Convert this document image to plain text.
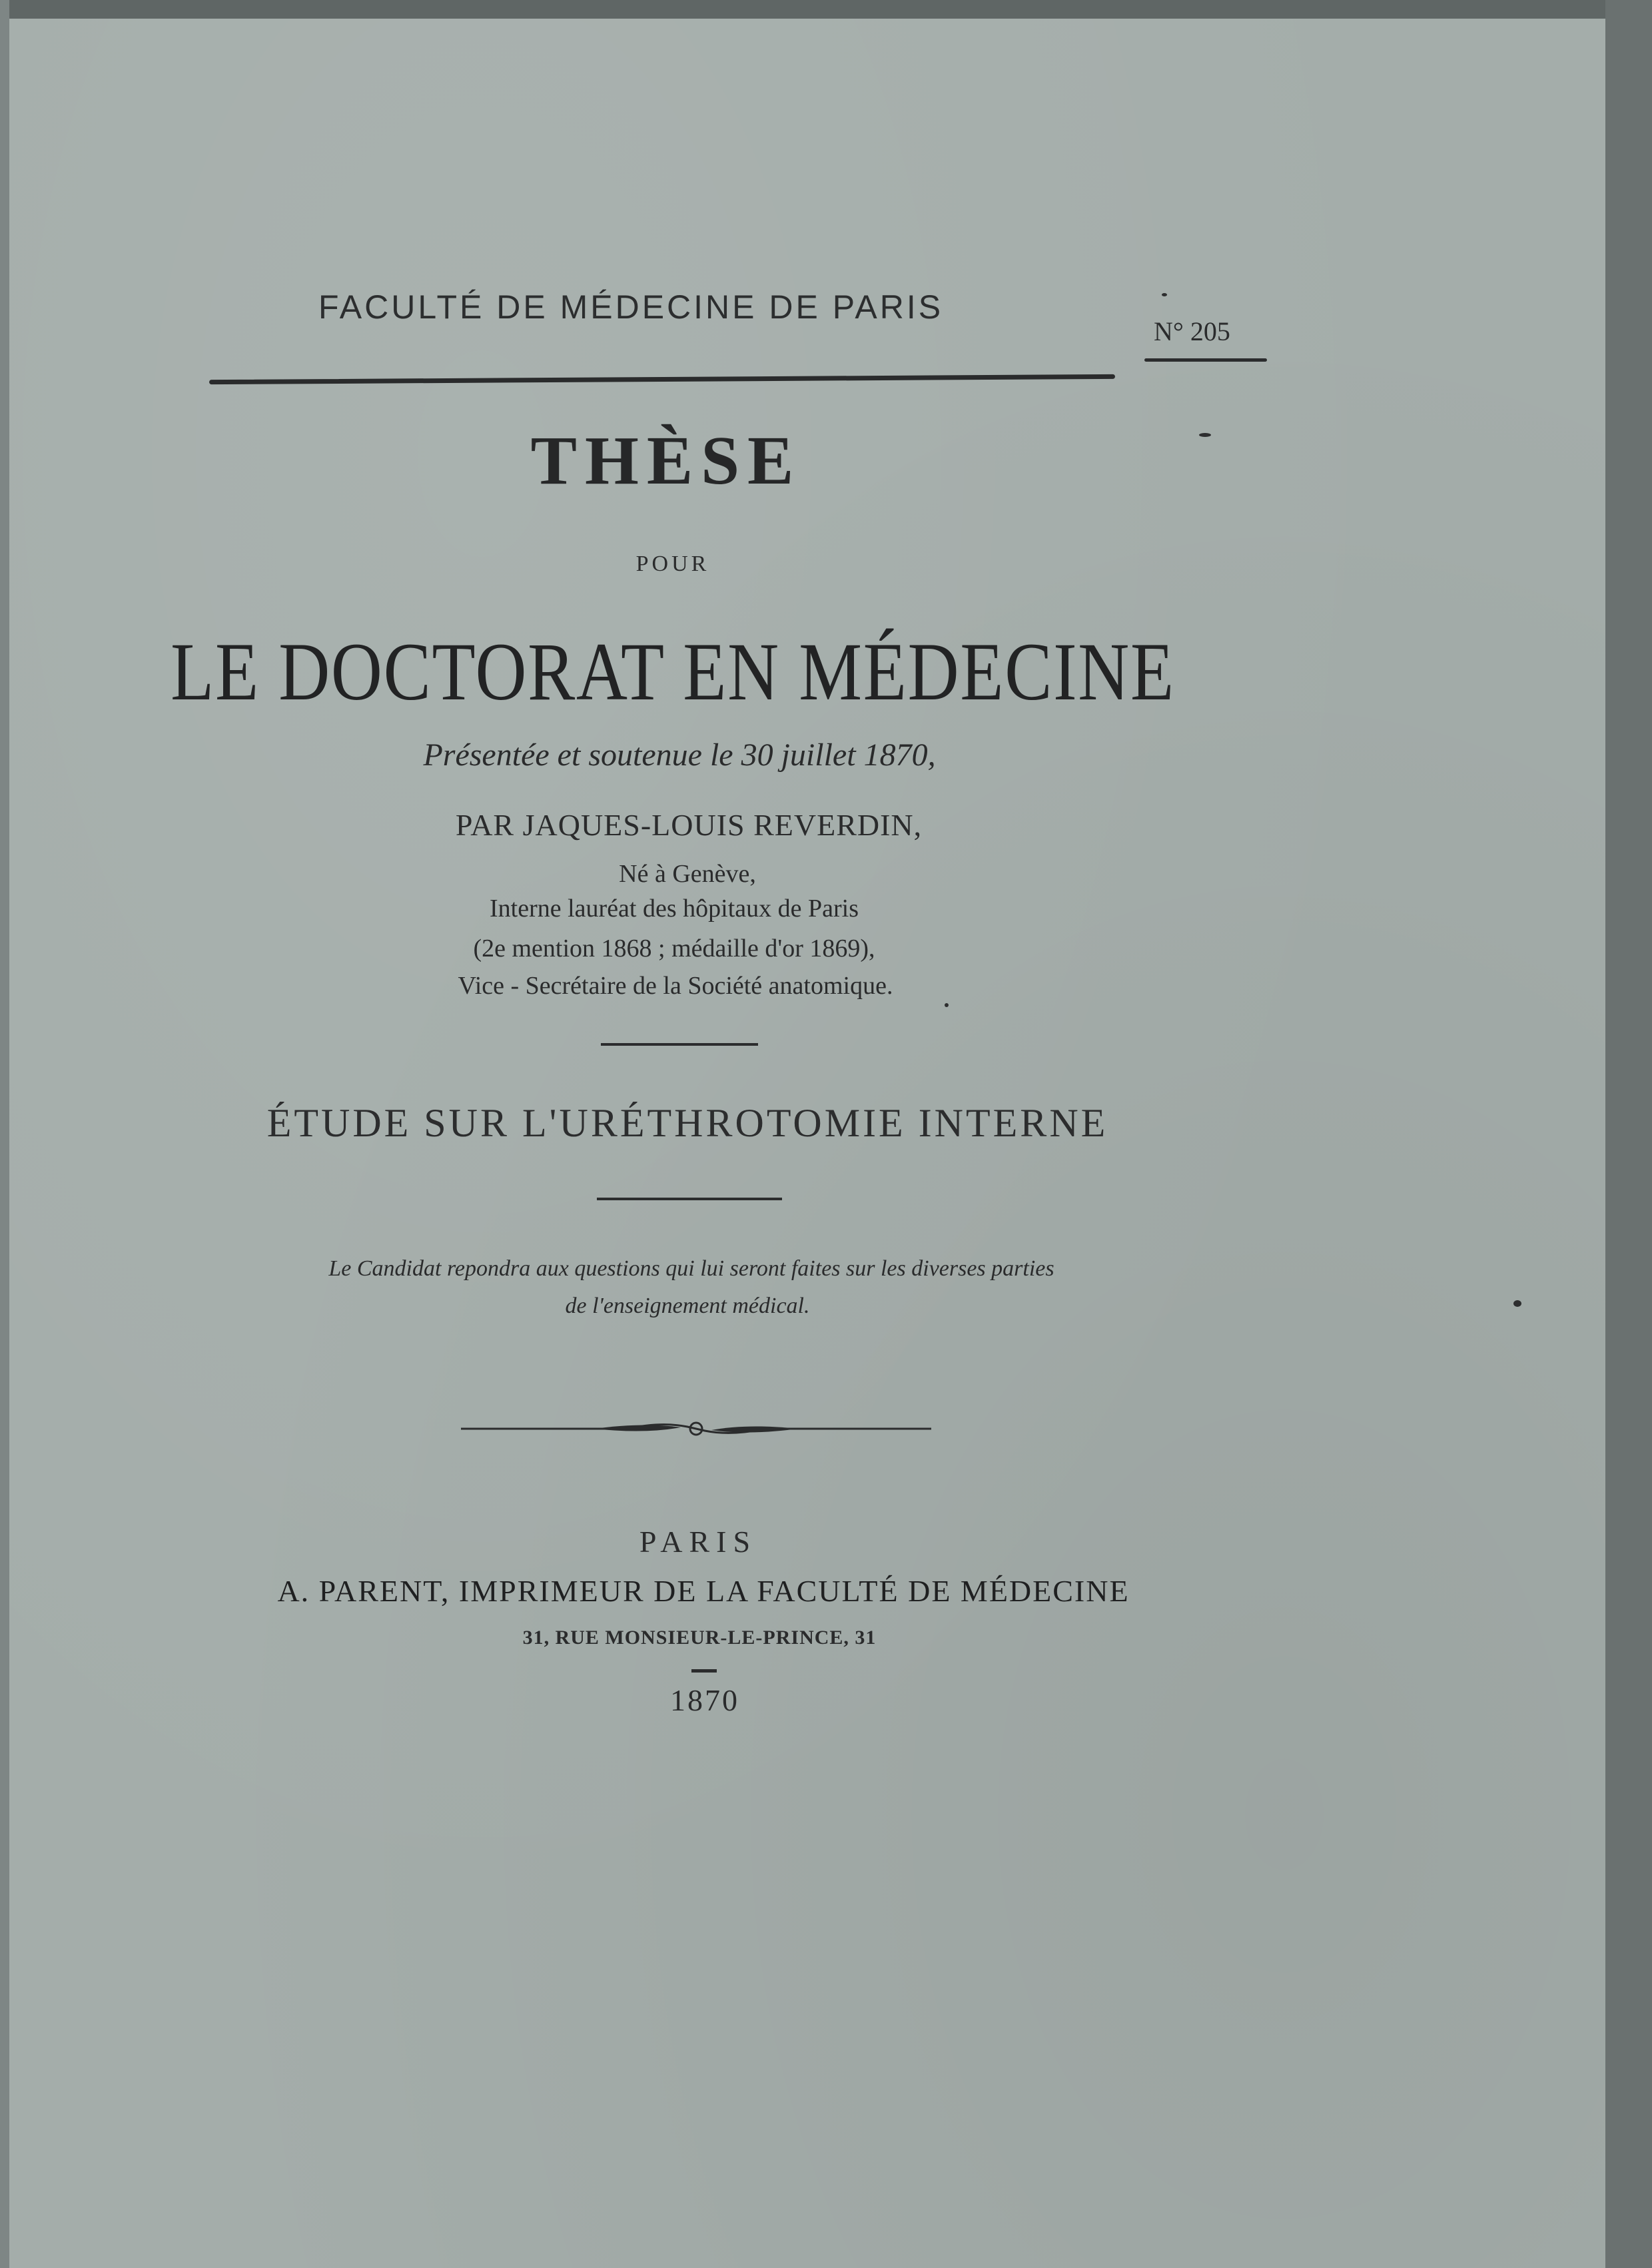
FACULTÉ DE MÉDECINE DE PARIS
N° 205
THÈSE
POUR
LE DOCTORAT EN MÉDECINE
Présentée et soutenue le 30 juillet 1870,
PAR JAQUES-LOUIS REVERDIN,
Né à Genève,
Interne lauréat des hôpitaux de Paris
(2e mention 1868 ; médaille d'or 1869),
Vice - Secrétaire de la Société anatomique.
ÉTUDE SUR L'URÉTHROTOMIE INTERNE
Le Candidat repondra aux questions qui lui seront faites sur les diverses parties
de l'enseignement médical.
PARIS
A. PARENT, IMPRIMEUR DE LA FACULTÉ DE MÉDECINE
31, RUE MONSIEUR-LE-PRINCE, 31
1870
